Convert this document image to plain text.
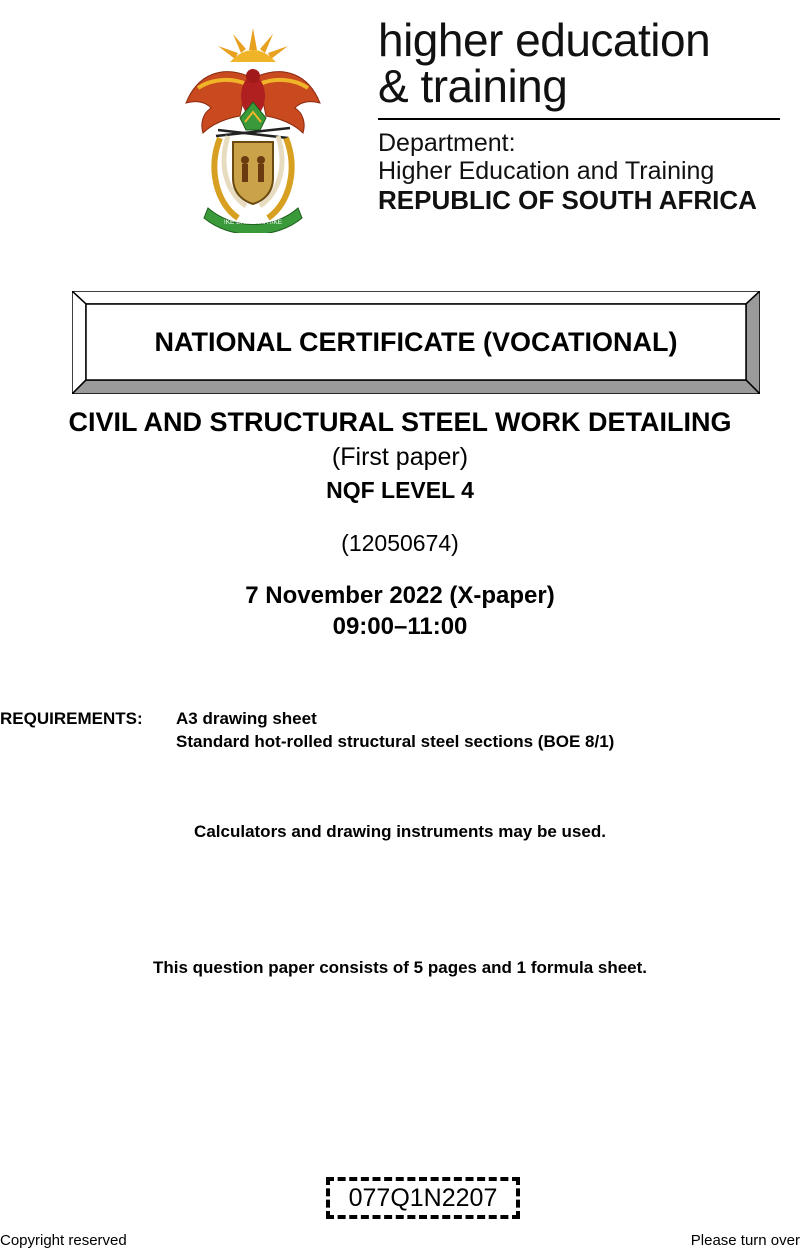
!KE E: /XARRA //KE
higher education
& training
Department:
Higher Education and Training
REPUBLIC OF SOUTH AFRICA
NATIONAL CERTIFICATE (VOCATIONAL)
CIVIL AND STRUCTURAL STEEL WORK DETAILING
(First paper)
NQF LEVEL 4
(12050674)
7 November 2022 (X-paper)
09:00–11:00
REQUIREMENTS: A3 drawing sheet
Standard hot-rolled structural steel sections (BOE 8/1)
Calculators and drawing instruments may be used.
This question paper consists of 5 pages and 1 formula sheet.
077Q1N2207
Copyright reserved	Please turn over
